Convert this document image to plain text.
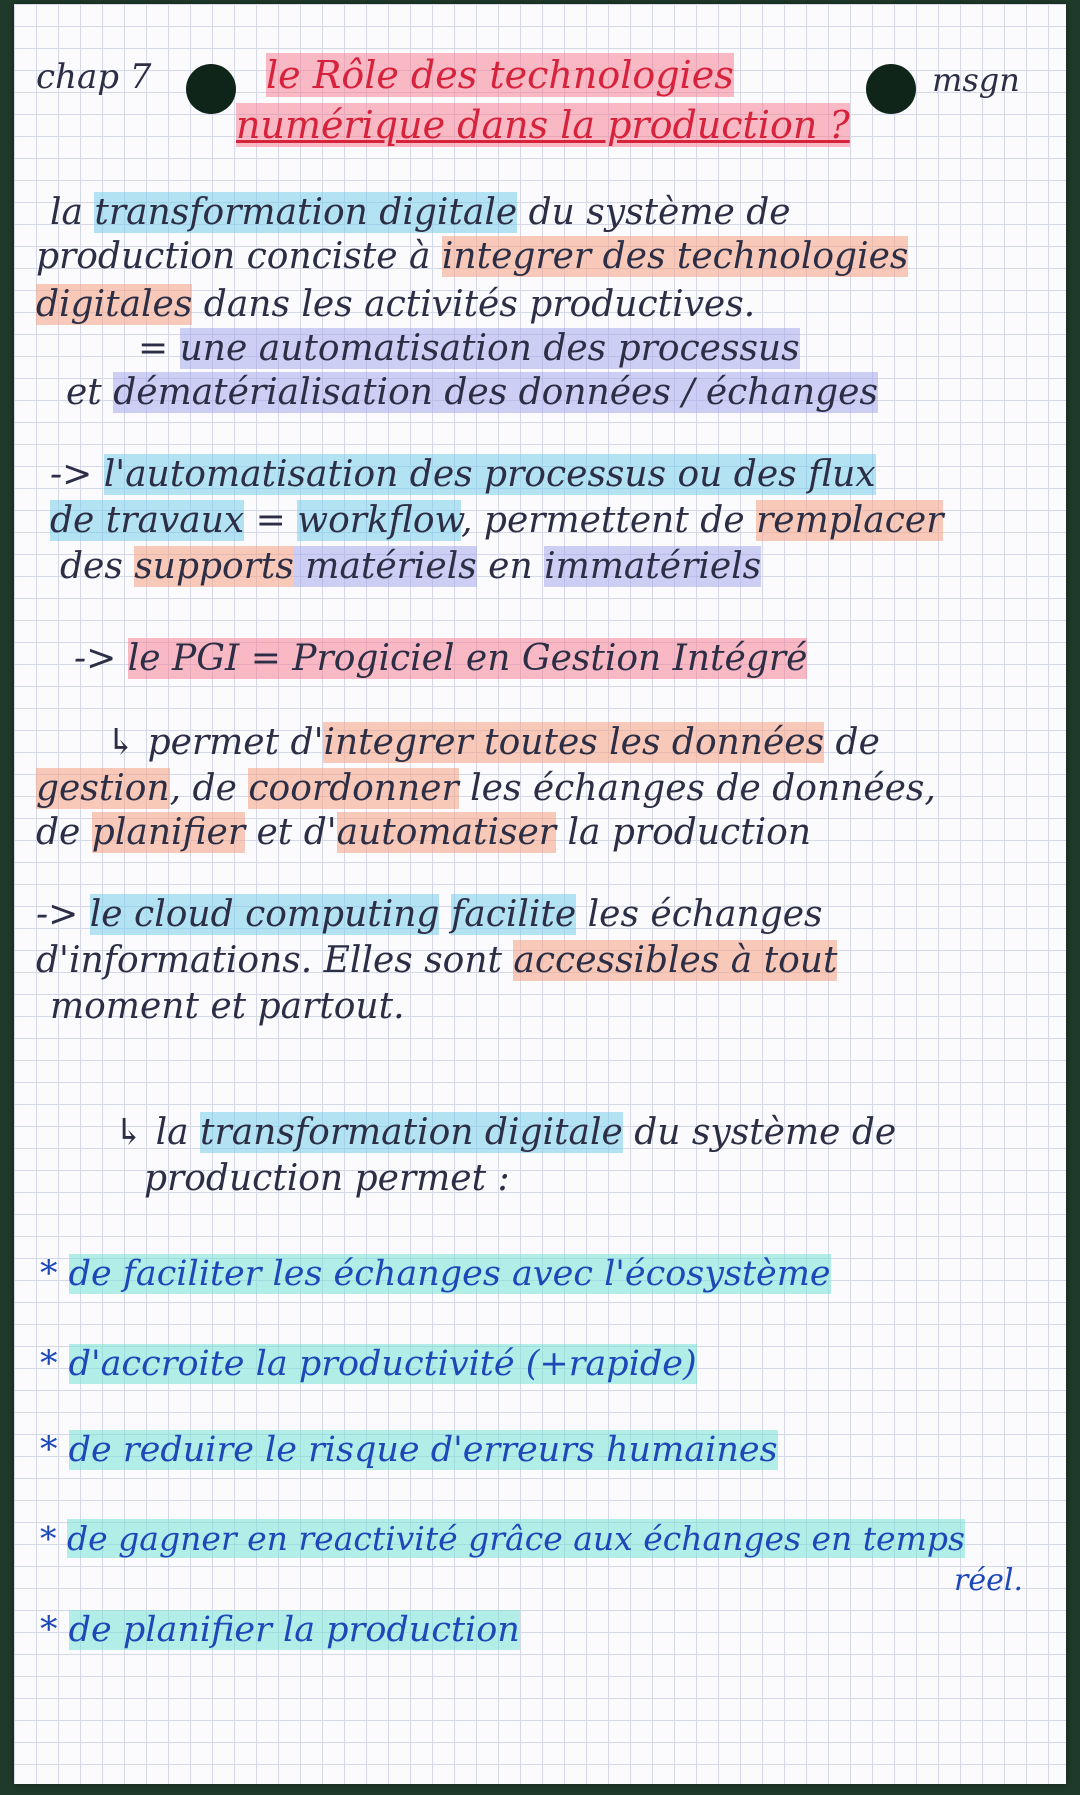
chap 7	le Rôle des technologies

numérique dans la production ?

msgn

la transformation digitale du système de

production conciste à integrer des technologies

digitales dans les activités productives.

= une automatisation des processus

et dématérialisation des données / échanges

-> l'automatisation des processus ou des flux

de travaux = workflow, permettent de remplacer

des supports matériels en immatériels

-> le PGI = Progiciel en Gestion Intégré

↳ permet d'integrer toutes les données de

gestion, de coordonner les échanges de données,

de planifier et d'automatiser la production

-> le cloud computing facilite les échanges

d'informations. Elles sont accessibles à tout

moment et partout.

↳ la transformation digitale du système de

production permet :

* de faciliter les échanges avec l'écosystème

* d'accroite la productivité (+rapide)

* de reduire le risque d'erreurs humaines

* de gagner en reactivité grâce aux échanges en temps

réel.

* de planifier la production
